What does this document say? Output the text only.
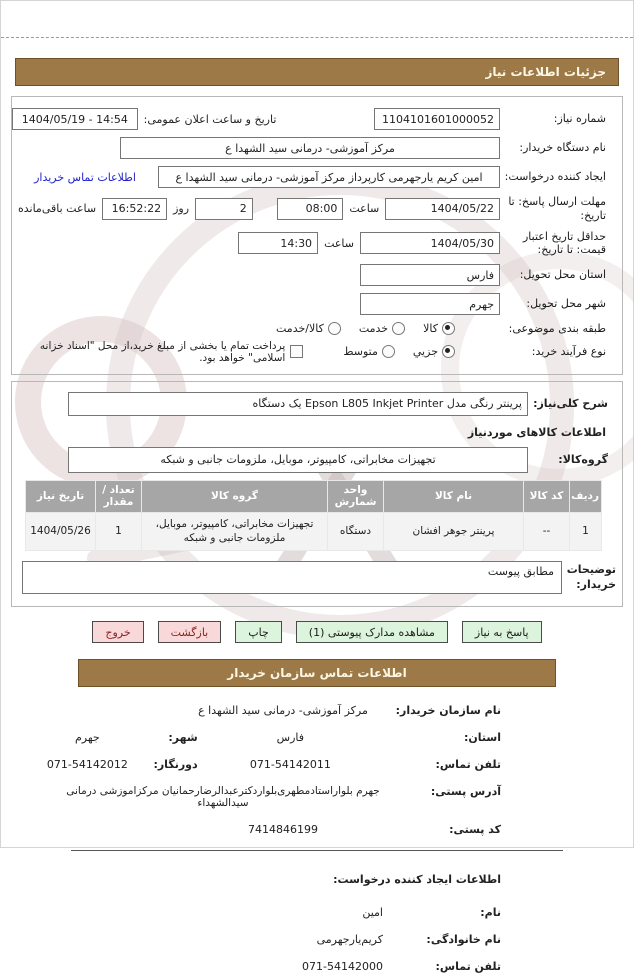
جزئیات اطلاعات نیاز
شماره نیاز:
1104101601000052
تاریخ و ساعت اعلان عمومی:
1404/05/19 - 14:54
نام دستگاه خریدار:
مرکز آموزشی- درمانی سید الشهدا ع
ایجاد کننده درخواست:
امین کریم یارجهرمی کارپرداز مرکز آموزشی- درمانی سید الشهدا ع
اطلاعات تماس خریدار
مهلت ارسال پاسخ: تا تاریخ:
1404/05/22
ساعت
08:00
2
روز
16:52:22
ساعت باقی‌مانده
حداقل تاریخ اعتبار قیمت: تا تاریخ:
1404/05/30
ساعت
14:30
استان محل تحویل:
فارس
شهر محل تحویل:
جهرم
طبقه بندی موضوعی:
کالا
خدمت
کالا/خدمت
نوع فرآیند خرید:
جزیي
متوسط
پرداخت تمام یا بخشی از مبلغ خرید،از محل "اسناد خزانه اسلامی" خواهد بود.
شرح کلی‌نیاز:
پرینتر رنگی مدل Epson L805 Inkjet Printer یک دستگاه
اطلاعات کالاهای موردنیاز
گروه‌کالا:
تجهیزات مخابراتی، کامپیوتر، موبایل، ملزومات جانبی و شبکه
ردیف	کد کالا	نام کالا	واحد شمارش	گروه کالا	تعداد / مقدار	تاریخ نیاز
1	--	پرینتر جوهر افشان	دستگاه	تجهیزات مخابراتی، کامپیوتر، موبایل، ملزومات جانبی و شبکه	1	1404/05/26
توضیحات خریدار:
مطابق پیوست
پاسخ به نیاز
مشاهده مدارک پیوستی (1)
چاپ
بازگشت
خروج
اطلاعات تماس سازمان خریدار
نام سازمان خریدار:
مرکز آموزشی- درمانی سید الشهدا ع
استان:
فارس
شهر:
جهرم
تلفن تماس:
071-54142011
دورنگار:
071-54142012
آدرس پستی:
جهرم بلواراستادمطهری‌بلواردکترعبدالرضارحمانیان مرکزاموزشی درمانی سیدالشهداء
کد پستی:
7414846199
اطلاعات ایجاد کننده درخواست:
نام:
امین
نام خانوادگی:
کریم‌یارجهرمی
تلفن تماس:
071-54142000
